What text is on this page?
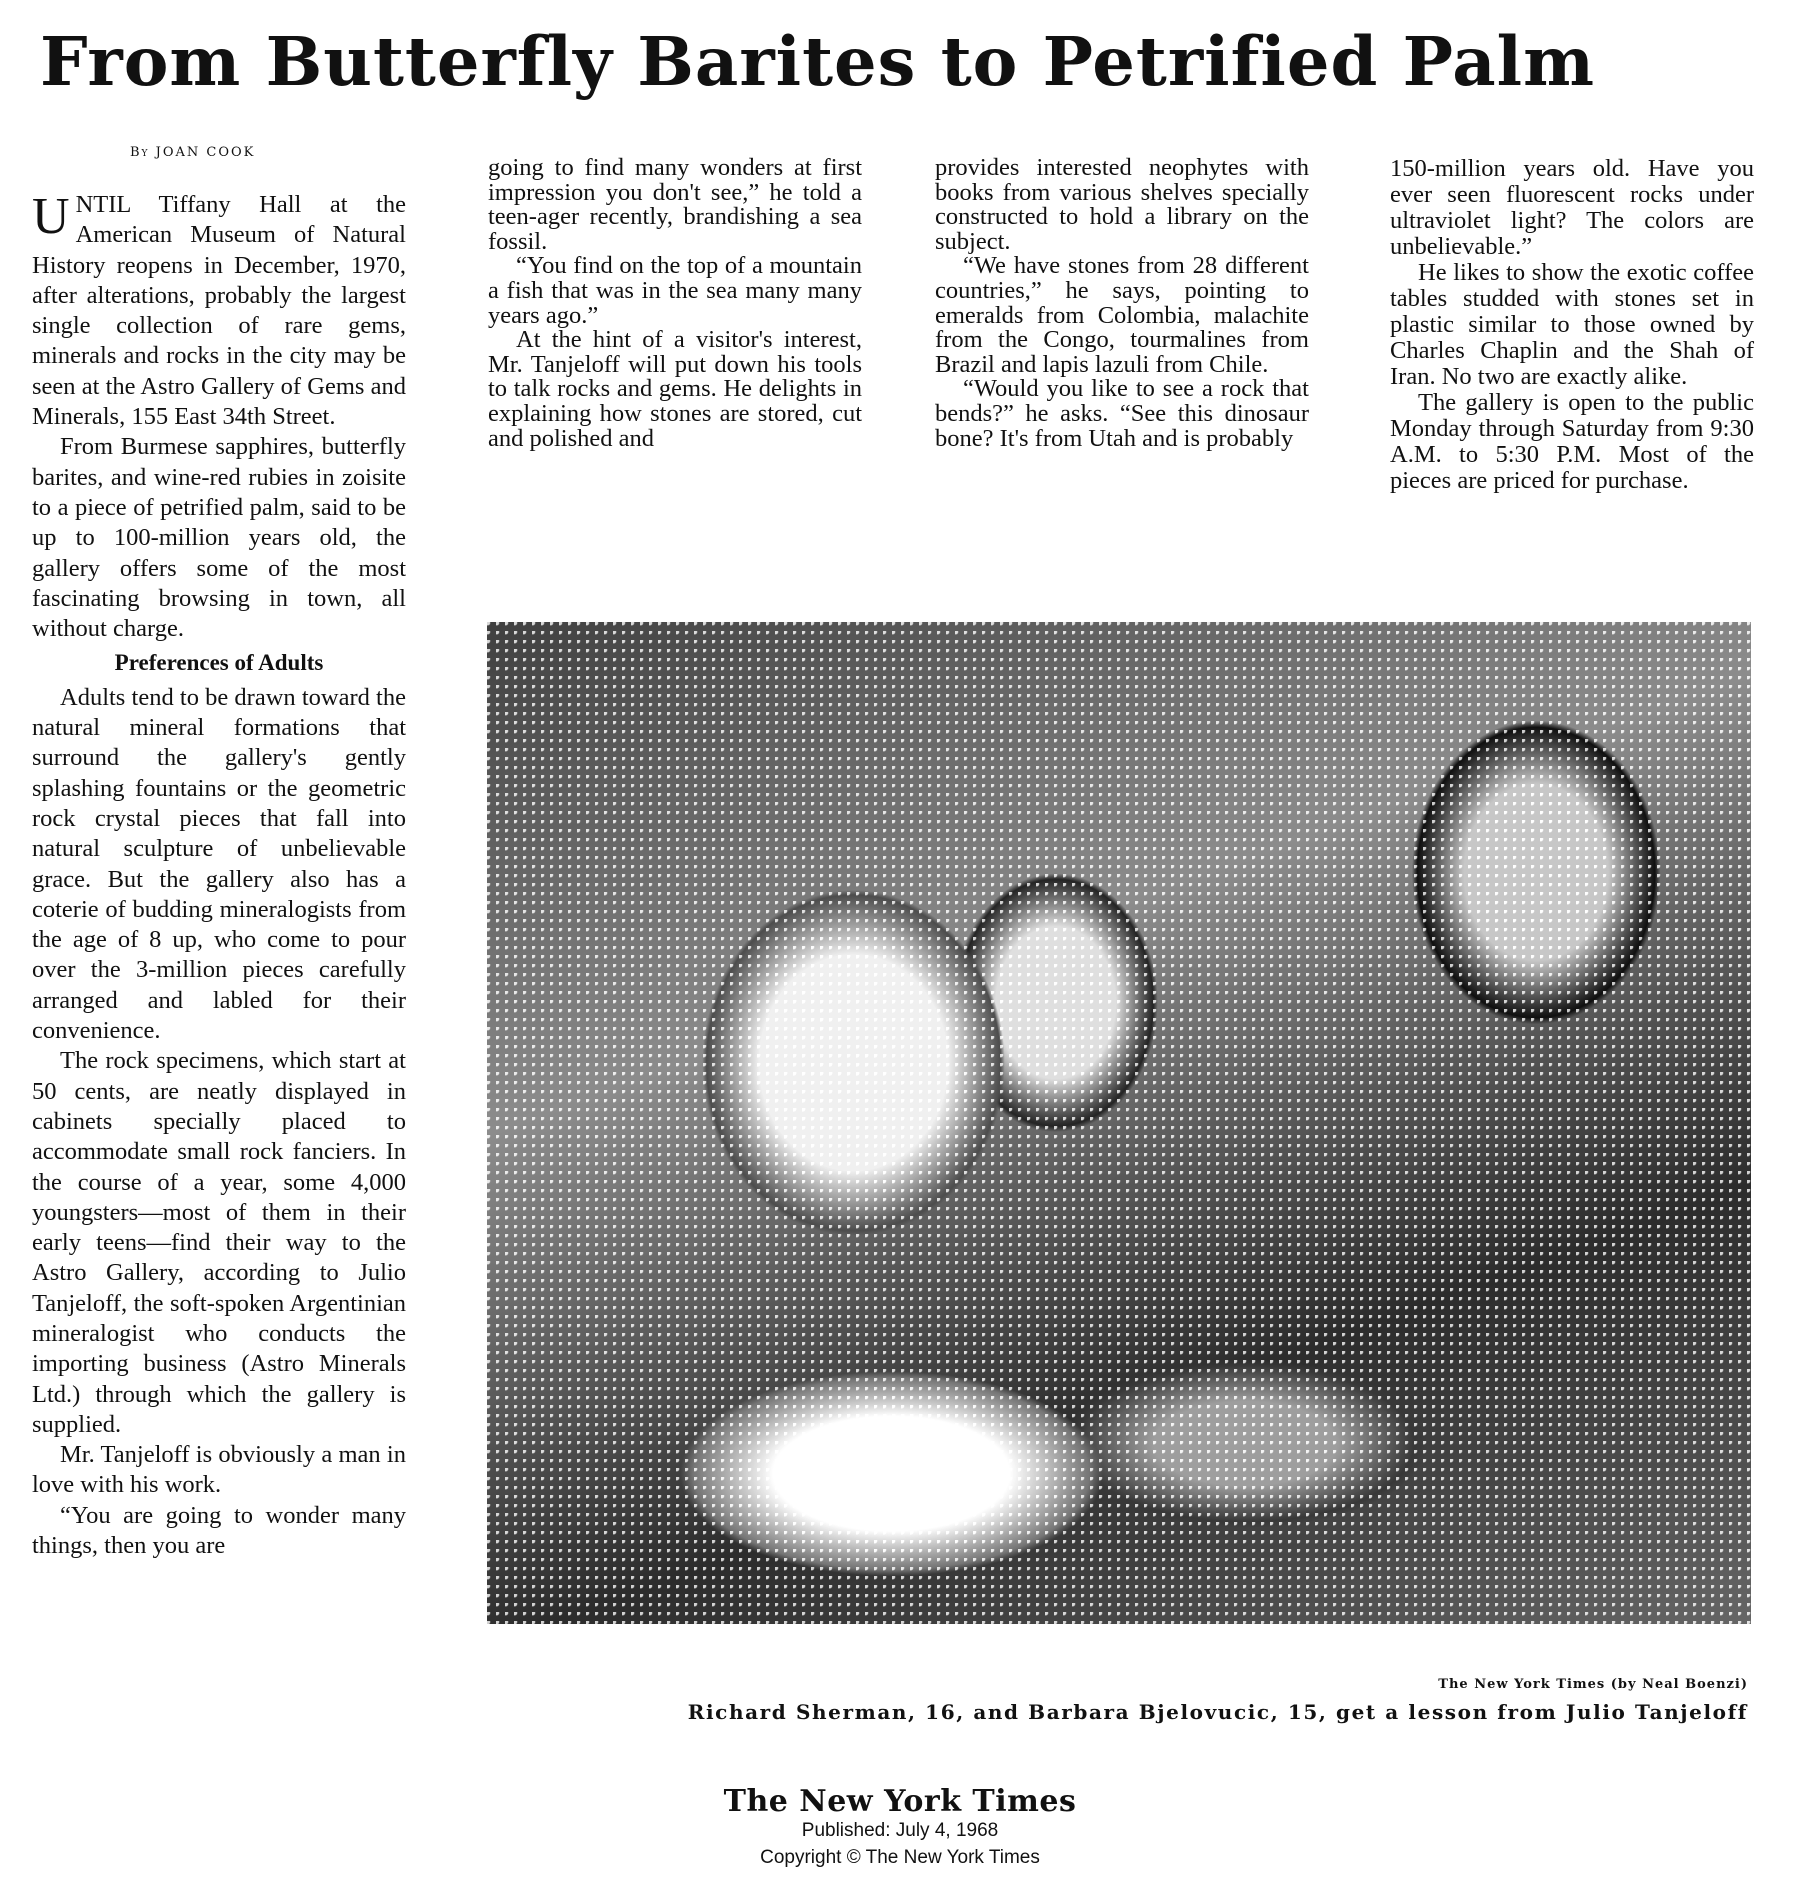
From Butterfly Barites to Petrified Palm
By JOAN COOK

UNTIL Tiffany Hall at the American Museum of Natural History reopens in December, 1970, after alterations, probably the largest single collection of rare gems, minerals and rocks in the city may be seen at the Astro Gallery of Gems and Minerals, 155 East 34th Street.

From Burmese sapphires, butterfly barites, and wine-red rubies in zoisite to a piece of petrified palm, said to be up to 100-million years old, the gallery offers some of the most fascinating browsing in town, all without charge.

Preferences of Adults

Adults tend to be drawn toward the natural mineral formations that surround the gallery's gently splashing fountains or the geometric rock crystal pieces that fall into natural sculpture of unbelievable grace. But the gallery also has a coterie of budding mineralogists from the age of 8 up, who come to pour over the 3-million pieces carefully arranged and labled for their convenience.

The rock specimens, which start at 50 cents, are neatly displayed in cabinets specially placed to accommodate small rock fanciers. In the course of a year, some 4,000 youngsters—most of them in their early teens—find their way to the Astro Gallery, according to Julio Tanjeloff, the soft-spoken Argentinian mineralogist who conducts the importing business (Astro Minerals Ltd.) through which the gallery is supplied.

Mr. Tanjeloff is obviously a man in love with his work.

“You are going to wonder many things, then you are

going to find many wonders at first impression you don't see,” he told a teen-ager recently, brandishing a sea fossil.

“You find on the top of a mountain a fish that was in the sea many many years ago.”

At the hint of a visitor's interest, Mr. Tanjeloff will put down his tools to talk rocks and gems. He delights in explaining how stones are stored, cut and polished and

provides interested neophytes with books from various shelves specially constructed to hold a library on the subject.

“We have stones from 28 different countries,” he says, pointing to emeralds from Colombia, malachite from the Congo, tourmalines from Brazil and lapis lazuli from Chile.

“Would you like to see a rock that bends?” he asks. “See this dinosaur bone? It's from Utah and is probably

150-million years old. Have you ever seen fluorescent rocks under ultraviolet light? The colors are unbelievable.”

He likes to show the exotic coffee tables studded with stones set in plastic similar to those owned by Charles Chaplin and the Shah of Iran. No two are exactly alike.

The gallery is open to the public Monday through Saturday from 9:30 A.M. to 5:30 P.M. Most of the pieces are priced for purchase.

The New York Times (by Neal Boenzi)
Richard Sherman, 16, and Barbara Bjelovucic, 15, get a lesson from Julio Tanjeloff
The New York Times
Published: July 4, 1968
Copyright © The New York Times
